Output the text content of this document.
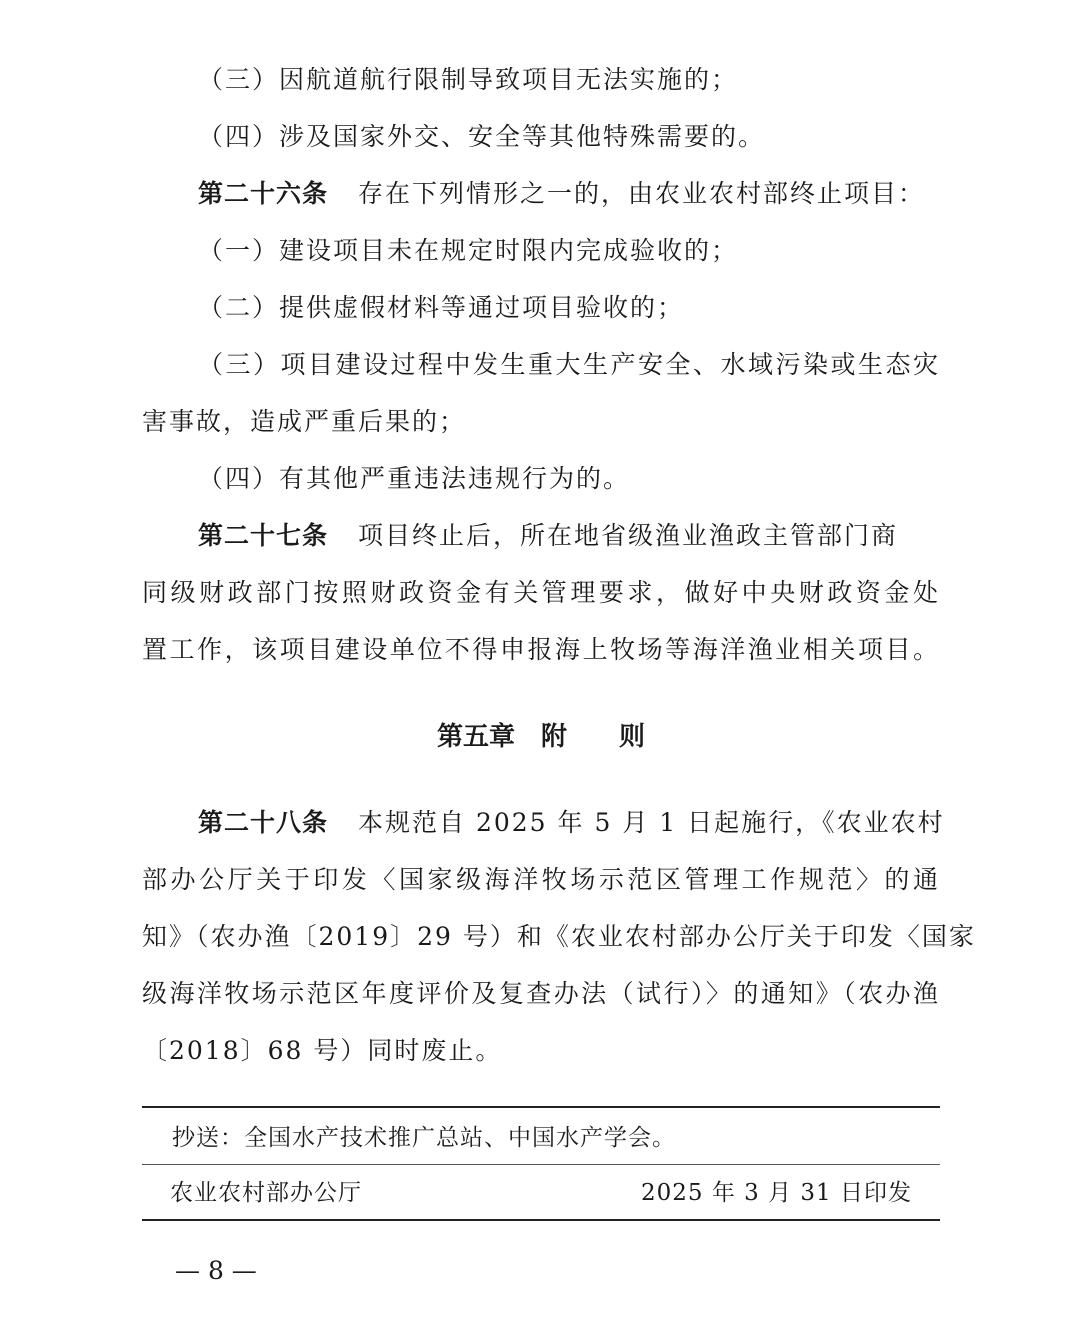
（三）因航道航行限制导致项目无法实施的；
（四）涉及国家外交、安全等其他特殊需要的。
第二十六条 存在下列情形之一的，由农业农村部终止项目：
（一）建设项目未在规定时限内完成验收的；
（二）提供虚假材料等通过项目验收的；
（三）项目建设过程中发生重大生产安全、水域污染或生态灾
害事故，造成严重后果的；
（四）有其他严重违法违规行为的。
第二十七条 项目终止后，所在地省级渔业渔政主管部门商
同级财政部门按照财政资金有关管理要求，做好中央财政资金处
置工作，该项目建设单位不得申报海上牧场等海洋渔业相关项目。
第五章　附　　则
第二十八条 本规范自 2025 年 5 月 1 日起施行，《农业农村
部办公厅关于印发〈国家级海洋牧场示范区管理工作规范〉的通
知》（农办渔〔2019〕29 号）和《农业农村部办公厅关于印发〈国家
级海洋牧场示范区年度评价及复查办法（试行）〉的通知》（农办渔
〔2018〕68 号）同时废止。
抄送：全国水产技术推广总站、中国水产学会。
农业农村部办公厅	2025 年 3 月 31 日印发
— 8 —
